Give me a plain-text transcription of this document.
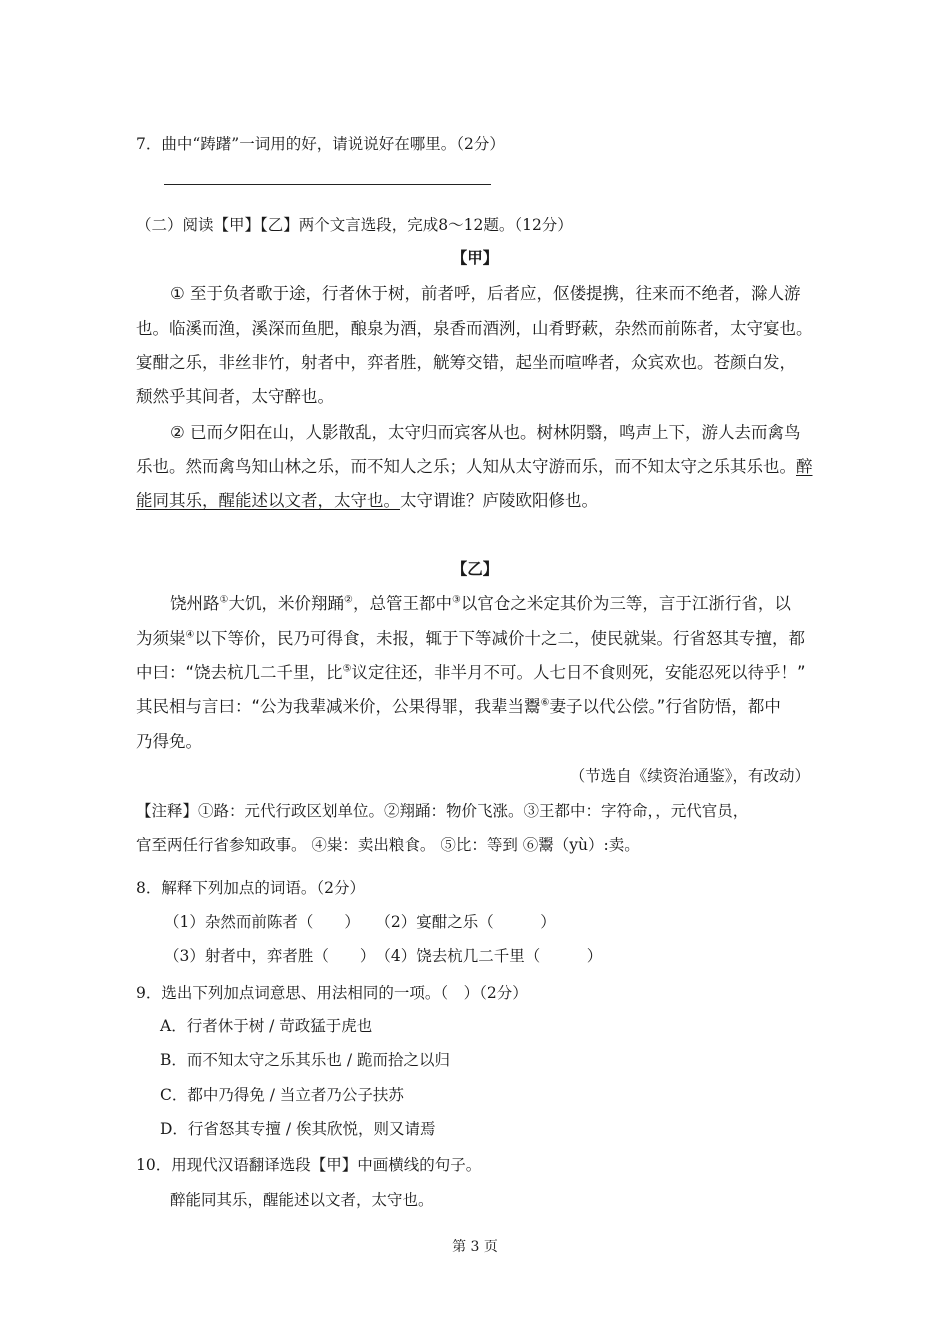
7．曲中“踌躇”一词用的好，请说说好在哪里。（2分）
（二）阅读【甲】【乙】两个文言选段，完成8～12题。（12分）
【甲】
① 至于负者歌于途，行者休于树，前者呼，后者应，伛偻提携，往来而不绝者，滁人游
也。临溪而渔，溪深而鱼肥，酿泉为酒，泉香而酒洌，山肴野蔌，杂然而前陈者，太守宴也。
宴酣之乐，非丝非竹，射者中，弈者胜，觥筹交错，起坐而喧哗者，众宾欢也。苍颜白发，
颓然乎其间者，太守醉也。
② 已而夕阳在山，人影散乱，太守归而宾客从也。树林阴翳，鸣声上下，游人去而禽鸟
乐也。然而禽鸟知山林之乐，而不知人之乐；人知从太守游而乐，而不知太守之乐其乐也。醉
能同其乐，醒能述以文者，太守也。太守谓谁？庐陵欧阳修也。
【乙】
饶州路①大饥，米价翔踊②，总管王都中③以官仓之米定其价为三等，言于江浙行省，以
为须粜④以下等价，民乃可得食，未报，辄于下等减价十之二，使民就粜。行省怒其专擅，都
中曰：“饶去杭几二千里，比⑤议定往还，非半月不可。人七日不食则死，安能忍死以待乎！”
其民相与言曰：“公为我辈减米价，公果得罪，我辈当鬻⑥妻子以代公偿。”行省防悟，都中
乃得免。
（节选自《续资治通鉴》，有改动）
【注释】①路：元代行政区划单位。②翔踊：物价飞涨。③王都中：字符命，，元代官员，
官至两任行省参知政事。 ④粜：卖出粮食。 ⑤比：等到 ⑥鬻（yù）:卖。
8．解释下列加点的词语。（2分）
（1）杂然而前陈者（　　）　　（2）宴酣之乐（　　　）
（3）射者中，弈者胜（　　）　（4）饶去杭几二千里（　　　）
9．选出下列加点词意思、用法相同的一项。（　）（2分）
A．行者休于树 / 苛政猛于虎也
B．而不知太守之乐其乐也 / 跪而拾之以归
C．都中乃得免 / 当立者乃公子扶苏
D．行省怒其专擅 / 俟其欣悦，则又请焉
10．用现代汉语翻译选段【甲】中画横线的句子。
醉能同其乐，醒能述以文者，太守也。
第 3 页
